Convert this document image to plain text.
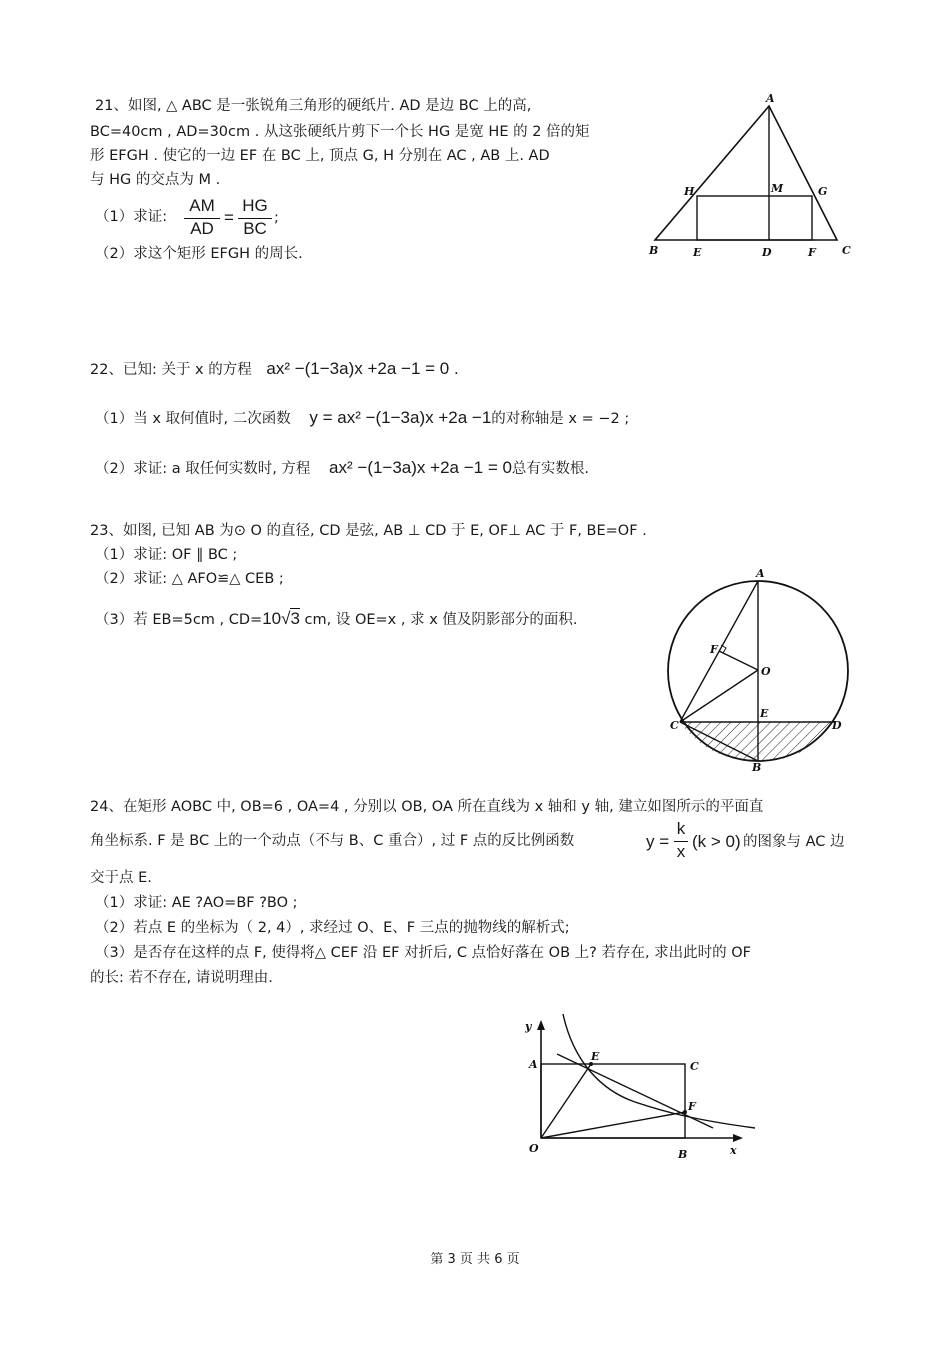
21、如图, △ ABC 是一张锐角三角形的硬纸片. AD 是边 BC 上的高,
BC=40cm , AD=30cm . 从这张硬纸片剪下一个长 HG 是宽 HE 的 2 倍的矩
形 EFGH . 使它的一边 EF 在 BC 上, 顶点 G, H 分别在 AC , AB 上. AD
与 HG 的交点为 M .
（1）求证: $\frac{AM}{AD} = \frac{HG}{BC}$ ;
（2）求这个矩形 EFGH 的周长.
A
H	M	G
B	E	D	F C
22、已知: 关于 x 的方程 ax² −(1−3a)x +2a −1 = 0 .
（1）当 x 取何值时, 二次函数 y = ax² −(1−3a)x +2a −1的对称轴是 x = −2 ;
（2）求证: a 取任何实数时, 方程 ax² −(1−3a)x +2a −1 = 0总有实数根.
23、如图, 已知 AB 为⊙ O 的直径, CD 是弦, AB ⊥ CD 于 E, OF⊥ AC 于 F, BE=OF .
（1）求证: OF ∥ BC ;
（2）求证: △ AFO≌△ CEB ;
（3）若 EB=5cm , CD=10√3 cm, 设 OE=x , 求 x 值及阴影部分的面积.
A
F
O
C
E
D
B
24、在矩形 AOBC 中, OB=6 , OA=4 , 分别以 OB, OA 所在直线为 x 轴和 y 轴, 建立如图所示的平面直
角坐标系. F 是 BC 上的一个动点（不与 B、C 重合）, 过 F 点的反比例函数	$y = \frac{k}{x} (k > 0)$ 的图象与 AC 边
交于点 E.
（1）求证: AE ?AO=BF ?BO ;
（2）若点 E 的坐标为（ 2, 4）, 求经过 O、E、F 三点的抛物线的解析式;
（3）是否存在这样的点 F, 使得将△ CEF 沿 EF 对折后, C 点恰好落在 OB 上? 若存在, 求出此时的 OF
的长: 若不存在, 请说明理由.
y
A
E
C
F
O	B	x
第 3 页 共 6 页
